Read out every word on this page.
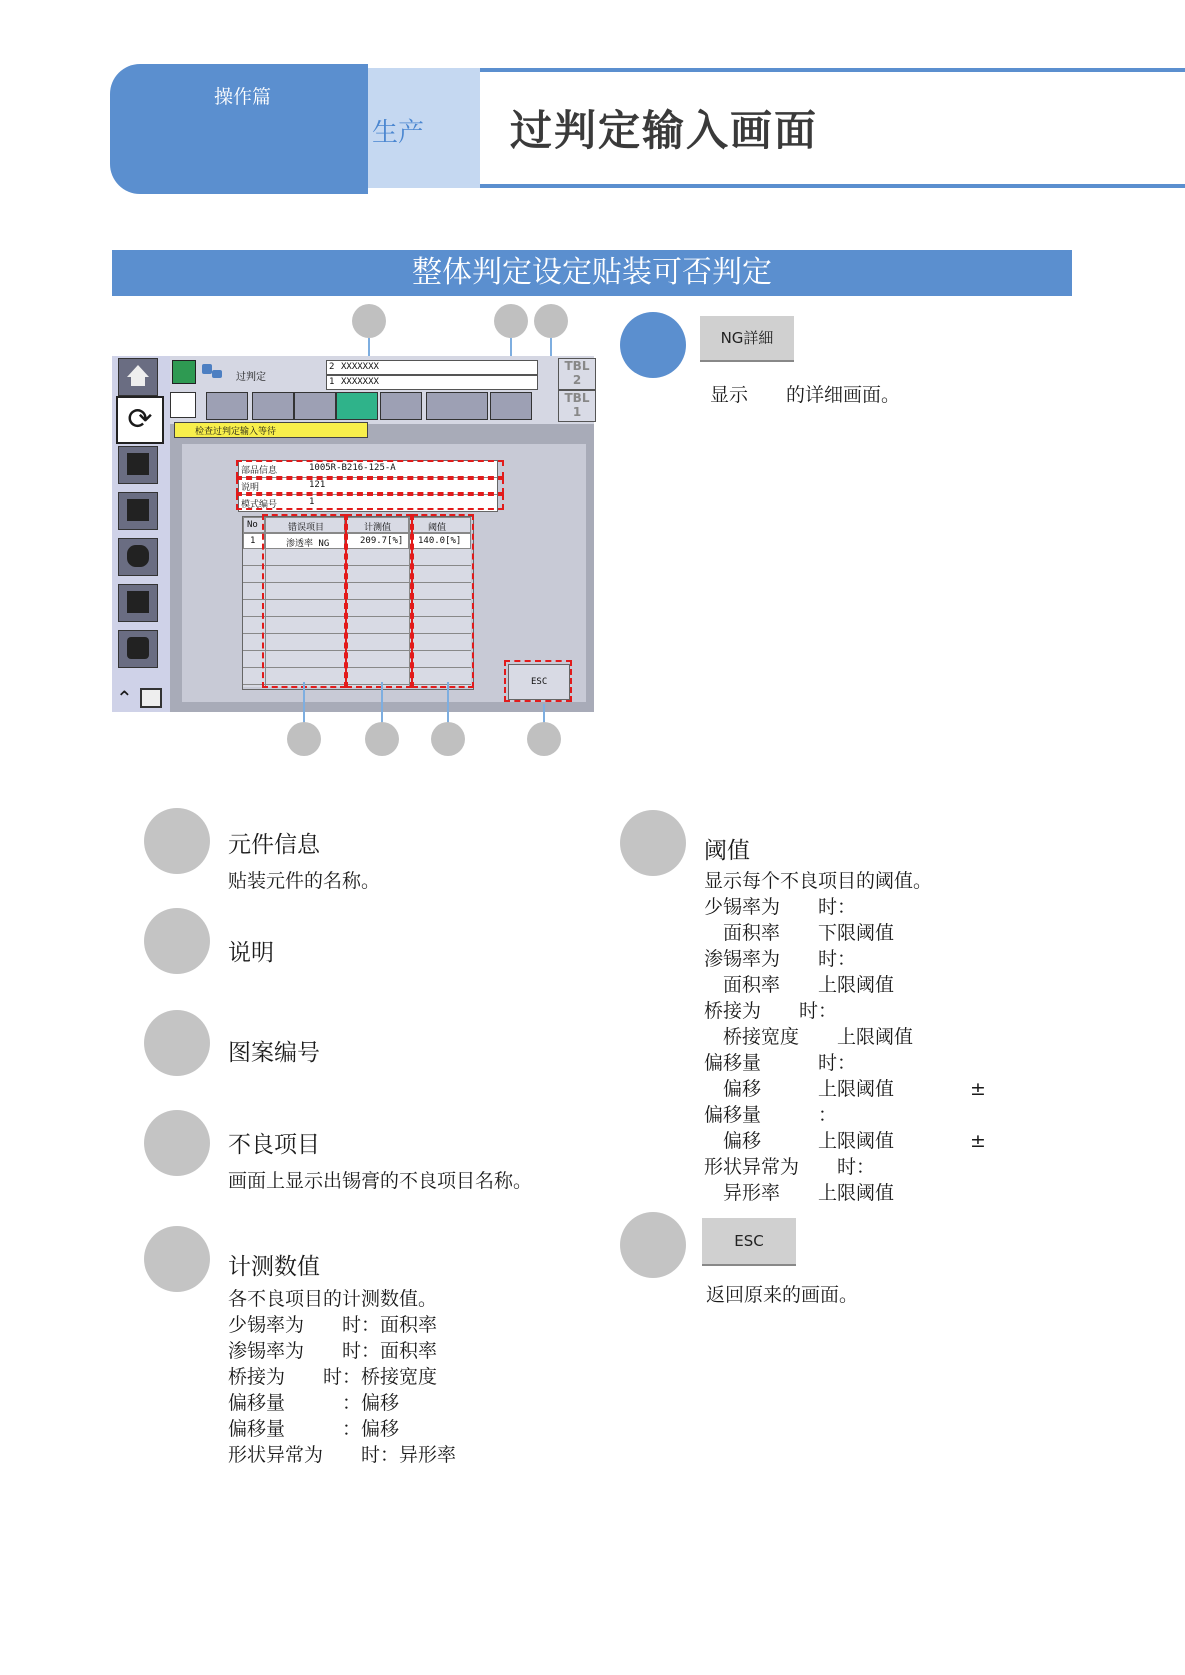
操作篇
生产 过判定输入画面
整体判定设定贴装可否判定
⟳
⌃
过判定
2 XXXXXXX
1 XXXXXXX
TBL
2
TBL
1
检查过判定输入等待
部品信息	1005R-B216-125-A
说明	121
模式编号	1
No	错误项目	计测值	阈值
1	渗透率 NG	209.7[%] 140.0[%]
ESC
NG詳細
显示　　的详细画面。
元件信息
贴装元件的名称。
说明
图案编号
不良项目
画面上显示出锡膏的不良项目名称。
计测数值
各不良项目的计测数值。
少锡率为　　时：面积率
渗锡率为　　时：面积率
桥接为　　时：桥接宽度
偏移量　　　：偏移
偏移量　　　：偏移
形状异常为　　时：异形率
阈值
显示每个不良项目的阈值。
少锡率为　　时：
　面积率　　下限阈值
渗锡率为　　时：
　面积率　　上限阈值
桥接为　　时：
　桥接宽度　　上限阈值
偏移量　　　时：
　偏移　　　上限阈值　　　　±
偏移量　　　：
　偏移　　　上限阈值　　　　±
形状异常为　　时：
　异形率　　上限阈值
ESC
返回原来的画面。
